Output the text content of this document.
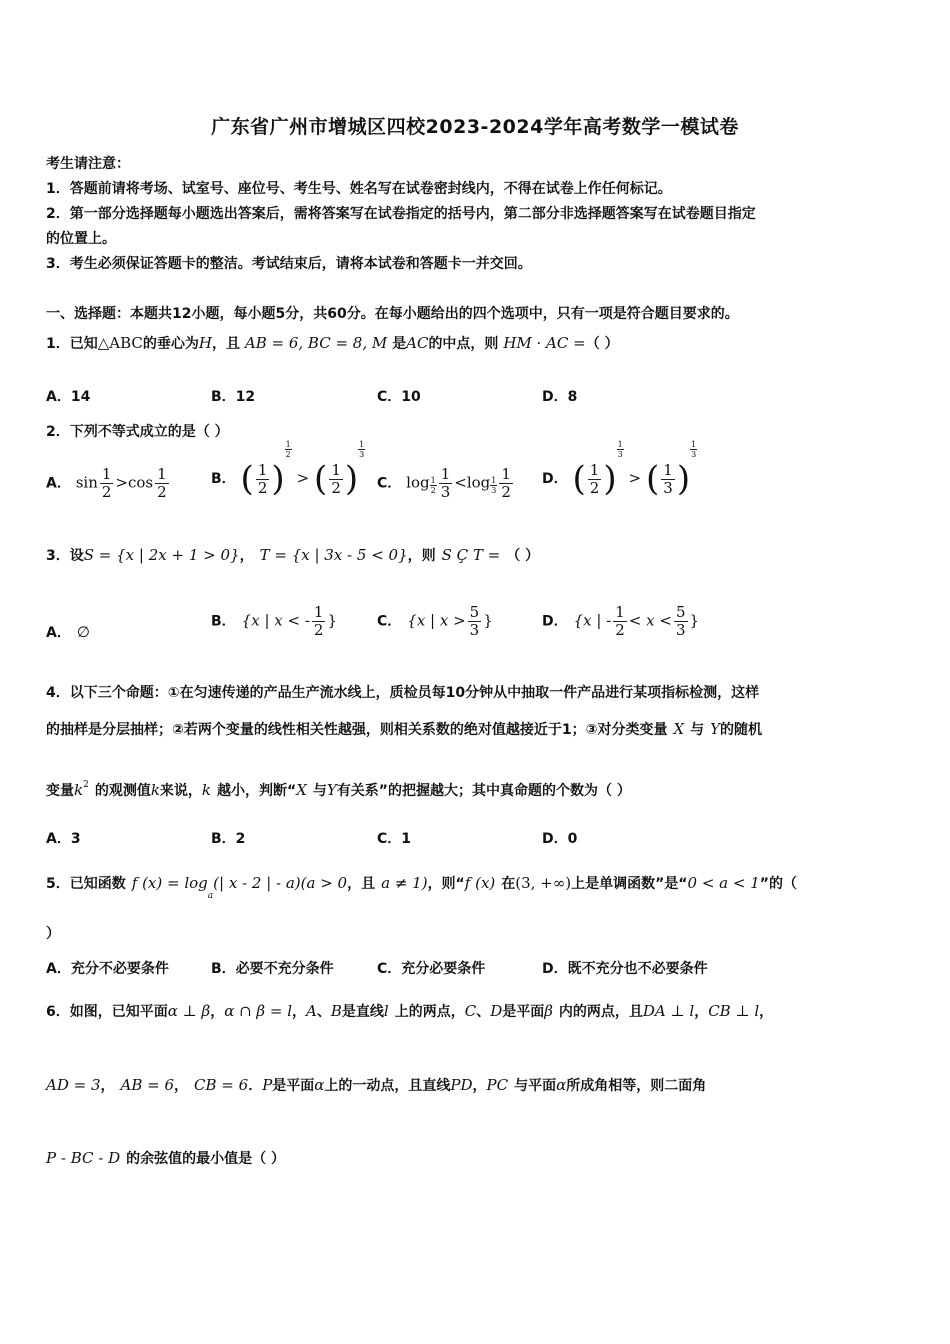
广东省广州市增城区四校2023-2024学年高考数学一模试卷
考生请注意：
1．答题前请将考场、试室号、座位号、考生号、姓名写在试卷密封线内，不得在试卷上作任何标记。
2．第一部分选择题每小题选出答案后，需将答案写在试卷指定的括号内，第二部分非选择题答案写在试卷题目指定
的位置上。
3．考生必须保证答题卡的整洁。考试结束后，请将本试卷和答题卡一并交回。
一、选择题：本题共12小题，每小题5分，共60分。在每小题给出的四个选项中，只有一项是符合题目要求的。
1．已知△ABC的垂心为H，且 AB = 6, BC = 8, M 是AC的中点，则 HM · AC =（ ）
A．14	B．12	C．10	D．8
2．下列不等式成立的是（ ）
A． $\sin \frac{1}{2} >\cos \frac{1}{2}$	B． ( $\frac{1}{2}$ )
$^{\frac{1}{2}}$
> ( $\frac{1}{2}$ )
$^{\frac{1}{3}}$
C． $\log _{\frac{1}{2}} \frac{1}{3} <\log$ $_{\frac{1}{3}} \frac{1}{2}$ D． ( $\frac{1}{2}$ )
$^{\frac{1}{3}}$
> ( $\frac{1}{3}$ )
$^{\frac{1}{3}}$
3．设S = {x | 2x + 1 > 0}， T = {x | 3x - 5 < 0}，则 S Ç T = （ ）
A． ∅
B． {x | x < - $\frac{1}{2}$ }	C． {x | $x > \frac{5}{3}$ }	D． {x | - $\frac{1}{2} < x < \frac{5}{3}$ }
4．以下三个命题：①在匀速传递的产品生产流水线上，质检员每10分钟从中抽取一件产品进行某项指标检测，这样
的抽样是分层抽样；②若两个变量的线性相关性越强，则相关系数的绝对值越接近于1；③对分类变量 X 与 Y的随机
变量$k^2$ 的观测值k来说，k 越小，判断“X 与Y有关系”的把握越大；其中真命题的个数为（ ）
A．3	B．2	C．1	D．0
5．已知函数 f $(x) = \log_a(|$ x - 2 | - a)(a > 0，且 a ≠ 1)，则“f (x) 在(3, +∞)上是单调函数”是“0 < a < 1”的（
）
A．充分不必要条件	B．必要不充分条件	C．充分必要条件	D．既不充分也不必要条件
6．如图，已知平面α ⊥ β，α ∩ β = l，A、B是直线l 上的两点，C、D是平面β 内的两点，且DA ⊥ l，CB ⊥ l，
AD = 3， AB = 6， CB = 6．P是平面α上的一动点，且直线PD，PC 与平面α所成角相等，则二面角
P - BC - D 的余弦值的最小值是（ ）
